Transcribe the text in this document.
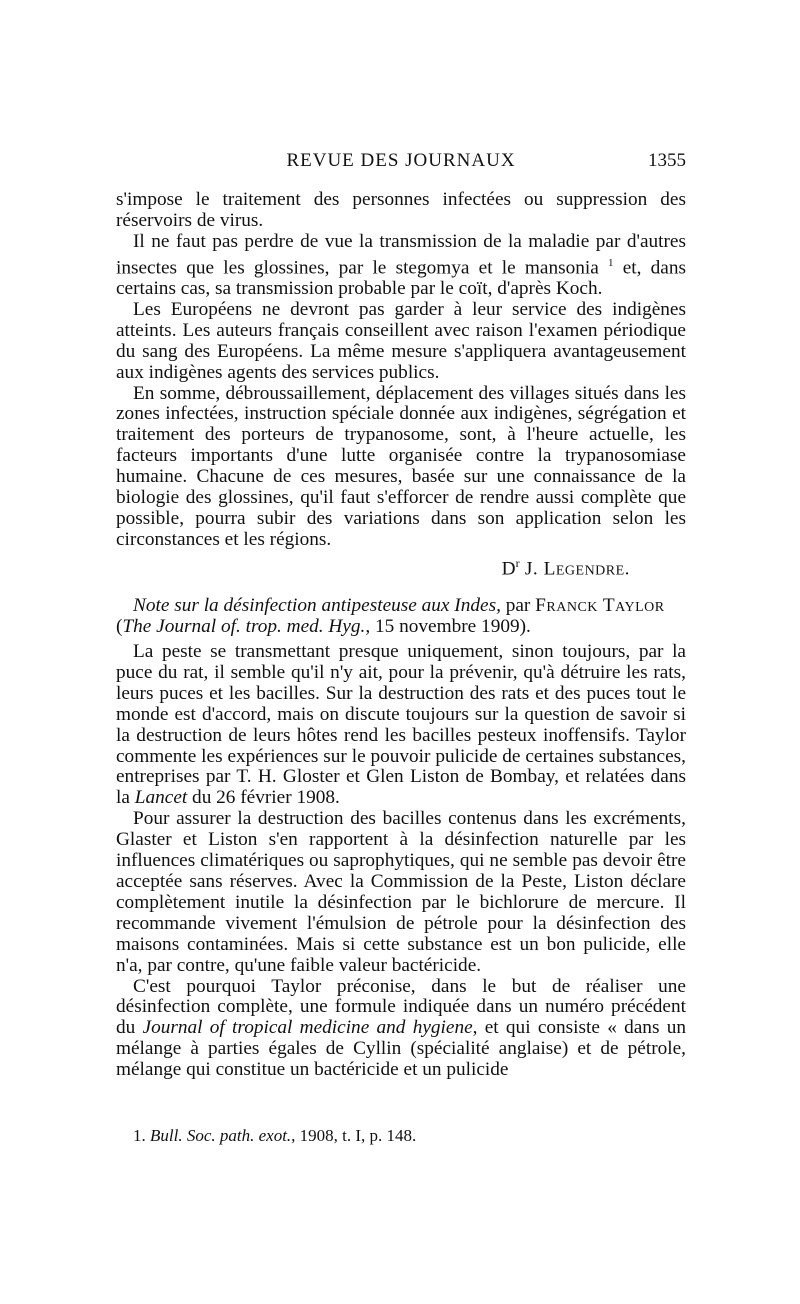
REVUE DES JOURNAUX	1355

s'impose le traitement des personnes infectées ou suppression des réservoirs de virus.

Il ne faut pas perdre de vue la transmission de la maladie par d'autres insectes que les glossines, par le stegomya et le mansonia $^1$ et, dans certains cas, sa transmission probable par le coït, d'après Koch.

Les Européens ne devront pas garder à leur service des indigènes atteints. Les auteurs français conseillent avec raison l'examen périodique du sang des Européens. La même mesure s'appliquera avantageusement aux indigènes agents des services publics.

En somme, débroussaillement, déplacement des villages situés dans les zones infectées, instruction spéciale donnée aux indigènes, ségrégation et traitement des porteurs de trypanosome, sont, à l'heure actuelle, les facteurs importants d'une lutte organisée contre la trypanosomiase humaine. Chacune de ces mesures, basée sur une connaissance de la biologie des glossines, qu'il faut s'efforcer de rendre aussi complète que possible, pourra subir des variations dans son application selon les circonstances et les régions.

$D^r$ J. Legendre.

Note sur la désinfection antipesteuse aux Indes, par Franck Taylor
(The Journal of. trop. med. Hyg., 15 novembre 1909).

La peste se transmettant presque uniquement, sinon toujours, par la puce du rat, il semble qu'il n'y ait, pour la prévenir, qu'à détruire les rats, leurs puces et les bacilles. Sur la destruction des rats et des puces tout le monde est d'accord, mais on discute toujours sur la question de savoir si la destruction de leurs hôtes rend les bacilles pesteux inoffensifs. Taylor commente les expériences sur le pouvoir pulicide de certaines substances, entreprises par T. H. Gloster et Glen Liston de Bombay, et relatées dans la Lancet du 26 février 1908.

Pour assurer la destruction des bacilles contenus dans les excréments, Glaster et Liston s'en rapportent à la désinfection naturelle par les influences climatériques ou saprophytiques, qui ne semble pas devoir être acceptée sans réserves. Avec la Commission de la Peste, Liston déclare complètement inutile la désinfection par le bichlorure de mercure. Il recommande vivement l'émulsion de pétrole pour la désinfection des maisons contaminées. Mais si cette substance est un bon pulicide, elle n'a, par contre, qu'une faible valeur bactéricide.

C'est pourquoi Taylor préconise, dans le but de réaliser une désinfection complète, une formule indiquée dans un numéro précédent du Journal of tropical medicine and hygiene, et qui consiste « dans un mélange à parties égales de Cyllin (spécialité anglaise) et de pétrole, mélange qui constitue un bactéricide et un pulicide

1. Bull. Soc. path. exot., 1908, t. I, p. 148.
